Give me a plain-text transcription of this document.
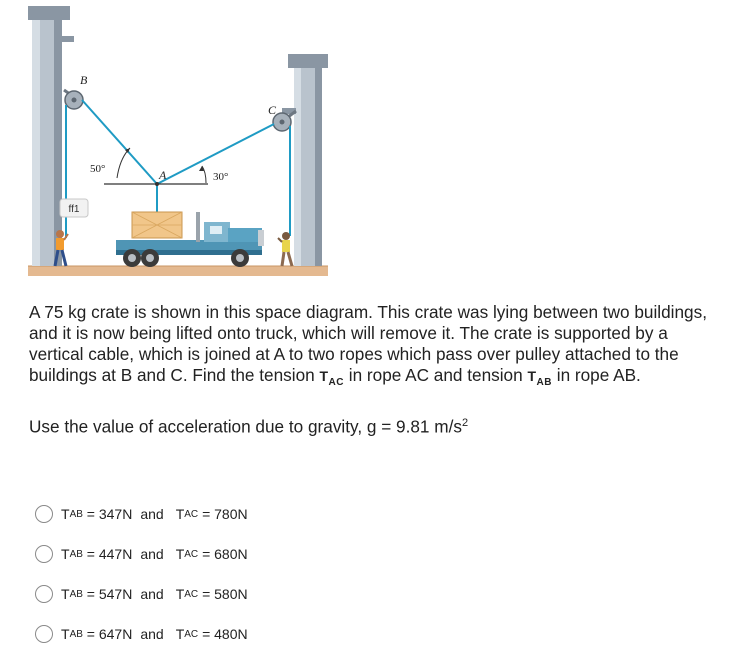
B
C
A
50°
30°
ff1

A 75 kg crate is shown in this space diagram. This crate was lying between two buildings, and it is now being lifted onto truck, which will remove it. The crate is supported by a vertical cable, which is joined at A to two ropes which pass over pulley attached to the buildings at B and C. Find the tension $T_{AC}$ in rope AC and tension $T_{AB}$ in rope AB.

Use the value of acceleration due to gravity, g = 9.81 $m/s^2$

T AB
= 347N and T AC
= 780N
T AB
= 447N and T AC
= 680N
T AB
= 547N and T AC
= 580N
T AB
= 647N and T AC
= 480N
